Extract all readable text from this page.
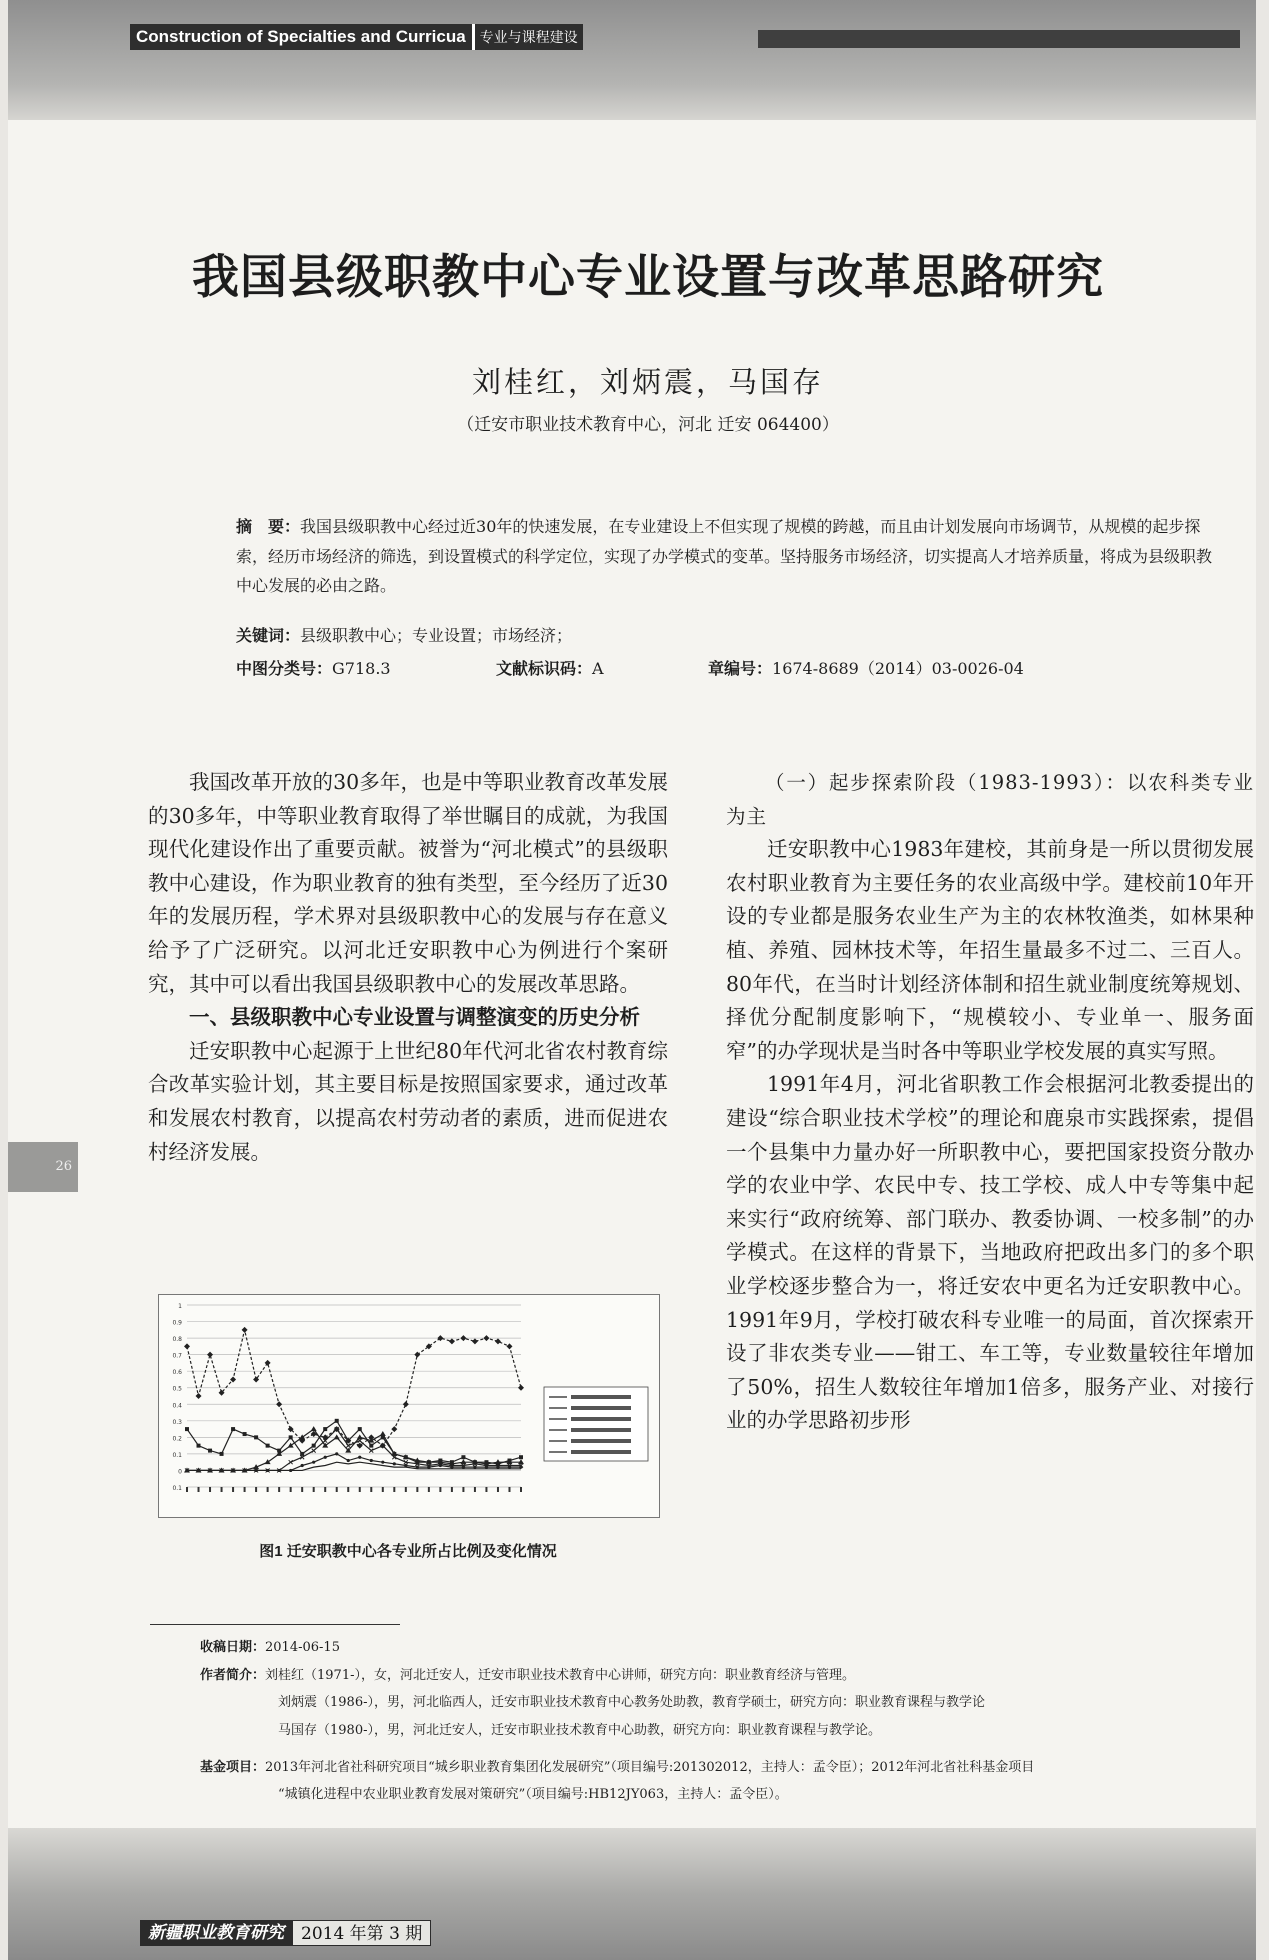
Construction of Specialties and Curricua	专业与课程建设
26
我国县级职教中心专业设置与改革思路研究
刘桂红，刘炳震，马国存
（迁安市职业技术教育中心，河北 迁安 064400）
摘　要：我国县级职教中心经过近30年的快速发展，在专业建设上不但实现了规模的跨越，而且由计划发展向市场调节，从规模的起步探索，经历市场经济的筛选，到设置模式的科学定位，实现了办学模式的变革。坚持服务市场经济，切实提高人才培养质量，将成为县级职教中心发展的必由之路。
关键词：县级职教中心；专业设置；市场经济；
中图分类号：G718.3	文献标识码：A	章编号：1674-8689（2014）03-0026-04

我国改革开放的30多年，也是中等职业教育改革发展的30多年，中等职业教育取得了举世瞩目的成就，为我国现代化建设作出了重要贡献。被誉为“河北模式”的县级职教中心建设，作为职业教育的独有类型，至今经历了近30年的发展历程，学术界对县级职教中心的发展与存在意义给予了广泛研究。以河北迁安职教中心为例进行个案研究，其中可以看出我国县级职教中心的发展改革思路。

一、县级职教中心专业设置与调整演变的历史分析

迁安职教中心起源于上世纪80年代河北省农村教育综合改革实验计划，其主要目标是按照国家要求，通过改革和发展农村教育，以提高农村劳动者的素质，进而促进农村经济发展。

0.1
0
0.1
0.2
0.3
0.4
0.5
0.6
0.7
0.8
0.9
1
图1 迁安职教中心各专业所占比例及变化情况
（一）起步探索阶段（1983-1993）：以农科类专业为主

迁安职教中心1983年建校，其前身是一所以贯彻发展农村职业教育为主要任务的农业高级中学。建校前10年开设的专业都是服务农业生产为主的农林牧渔类，如林果种植、养殖、园林技术等，年招生量最多不过二、三百人。80年代，在当时计划经济体制和招生就业制度统筹规划、择优分配制度影响下，“规模较小、专业单一、服务面窄”的办学现状是当时各中等职业学校发展的真实写照。

1991年4月，河北省职教工作会根据河北教委提出的建设“综合职业技术学校”的理论和鹿泉市实践探索，提倡一个县集中力量办好一所职教中心，要把国家投资分散办学的农业中学、农民中专、技工学校、成人中专等集中起来实行“政府统筹、部门联办、教委协调、一校多制”的办学模式。在这样的背景下，当地政府把政出多门的多个职业学校逐步整合为一，将迁安农中更名为迁安职教中心。1991年9月，学校打破农科专业唯一的局面，首次探索开设了非农类专业——钳工、车工等，专业数量较往年增加了50%，招生人数较往年增加1倍多，服务产业、对接行业的办学思路初步形

收稿日期：2014-06-15
作者简介：刘桂红（1971-），女，河北迁安人，迁安市职业技术教育中心讲师，研究方向：职业教育经济与管理。
刘炳震（1986-），男，河北临西人，迁安市职业技术教育中心教务处助教，教育学硕士，研究方向：职业教育课程与教学论
马国存（1980-），男，河北迁安人，迁安市职业技术教育中心助教，研究方向：职业教育课程与教学论。
基金项目：2013年河北省社科研究项目“城乡职业教育集团化发展研究”（项目编号:201302012，主持人：孟令臣）；2012年河北省社科基金项目
“城镇化进程中农业职业教育发展对策研究”（项目编号:HB12JY063，主持人：孟令臣）。
新疆职业教育研究	2014 年第 3 期
